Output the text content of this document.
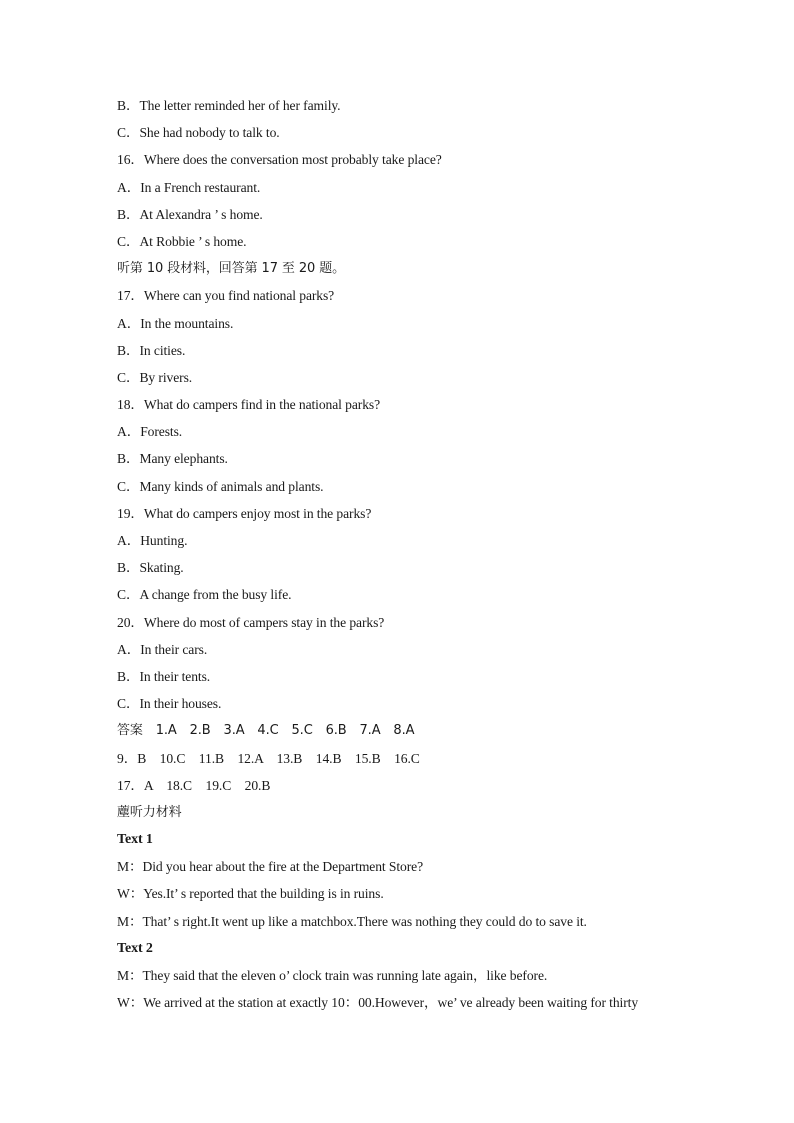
B．The letter reminded her of her family.
C．She had nobody to talk to.
16．Where does the conversation most probably take place?
A．In a French restaurant.
B．At Alexandra ’ s home.
C．At Robbie ’ s home.
听第 10 段材料，回答第 17 至 20 题。
17．Where can you find national parks?
A．In the mountains.
B．In cities.
C．By rivers.
18．What do campers find in the national parks?
A．Forests.
B．Many elephants.
C．Many kinds of animals and plants.
19．What do campers enjoy most in the parks?
A．Hunting.
B．Skating.
C．A change from the busy life.
20．Where do most of campers stay in the parks?
A．In their cars.
B．In their tents.
C．In their houses.
答案　1.A　2.B　3.A　4.C　5.C　6.B　7.A　8.A
9．B　10.C　11.B　12.A　13.B　14.B　15.B　16.C
17．A　18.C　19.C　20.B
薼听力材料
Text 1
M：Did you hear about the fire at the Department Store?
W：Yes.It’ s reported that the building is in ruins.
M：That’ s right.It went up like a matchbox.There was nothing they could do to save it.
Text 2
M：They said that the eleven o’ clock train was running late again，like before.
W：We arrived at the station at exactly 10：00.However，we’ ve already been waiting for thirty
